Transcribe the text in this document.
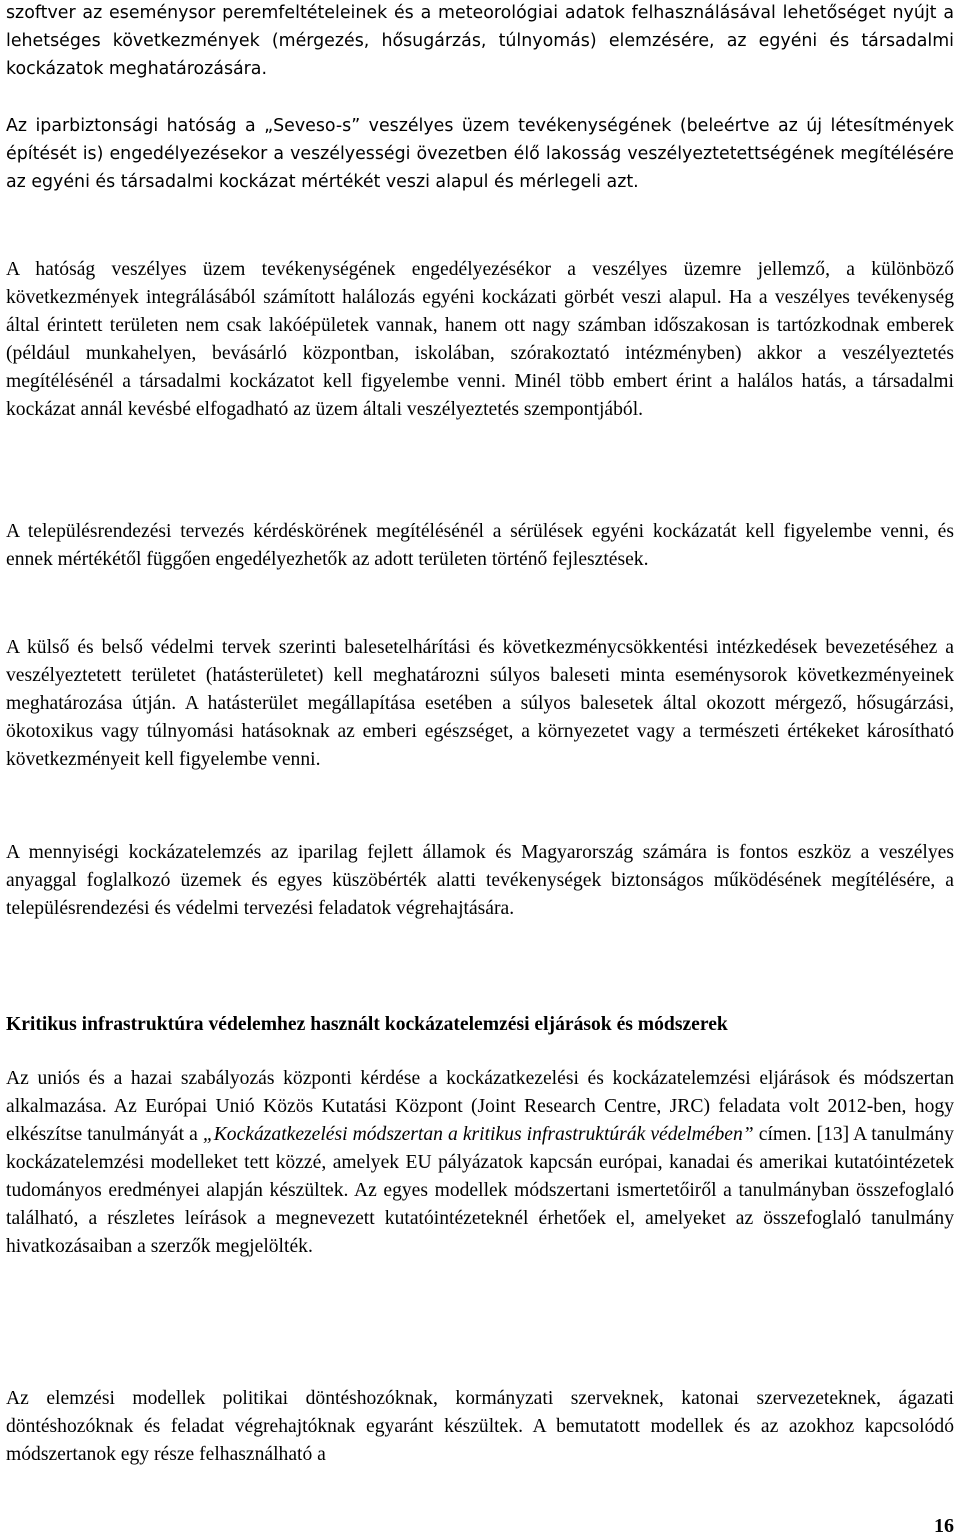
szoftver az eseménysor peremfeltételeinek és a meteorológiai adatok felhasználásával lehetőséget nyújt a lehetséges következmények (mérgezés, hősugárzás, túlnyomás) elemzésére, az egyéni és társadalmi kockázatok meghatározására.

Az iparbiztonsági hatóság a „Seveso-s” veszélyes üzem tevékenységének (beleértve az új létesítmények építését is) engedélyezésekor a veszélyességi övezetben élő lakosság veszélyeztetettségének megítélésére az egyéni és társadalmi kockázat mértékét veszi alapul és mérlegeli azt.

A hatóság veszélyes üzem tevékenységének engedélyezésékor a veszélyes üzemre jellemző, a különböző következmények integrálásából számított halálozás egyéni kockázati görbét veszi alapul. Ha a veszélyes tevékenység által érintett területen nem csak lakóépületek vannak, hanem ott nagy számban időszakosan is tartózkodnak emberek (például munkahelyen, bevásárló központban, iskolában, szórakoztató intézményben) akkor a veszélyeztetés megítélésénél a társadalmi kockázatot kell figyelembe venni. Minél több embert érint a halálos hatás, a társadalmi kockázat annál kevésbé elfogadható az üzem általi veszélyeztetés szempontjából.

A településrendezési tervezés kérdéskörének megítélésénél a sérülések egyéni kockázatát kell figyelembe venni, és ennek mértékétől függően engedélyezhetők az adott területen történő fejlesztések.

A külső és belső védelmi tervek szerinti balesetelhárítási és következménycsökkentési intézkedések bevezetéséhez a veszélyeztetett területet (hatásterületet) kell meghatározni súlyos baleseti minta eseménysorok következményeinek meghatározása útján. A hatásterület megállapítása esetében a súlyos balesetek által okozott mérgező, hősugárzási, ökotoxikus vagy túlnyomási hatásoknak az emberi egészséget, a környezetet vagy a természeti értékeket károsítható következményeit kell figyelembe venni.

A mennyiségi kockázatelemzés az iparilag fejlett államok és Magyarország számára is fontos eszköz a veszélyes anyaggal foglalkozó üzemek és egyes küszöbérték alatti tevékenységek biztonságos működésének megítélésére, a településrendezési és védelmi tervezési feladatok végrehajtására.

Kritikus infrastruktúra védelemhez használt kockázatelemzési eljárások és módszerek

Az uniós és a hazai szabályozás központi kérdése a kockázatkezelési és kockázatelemzési eljárások és módszertan alkalmazása. Az Európai Unió Közös Kutatási Központ (Joint Research Centre, JRC) feladata volt 2012-ben, hogy elkészítse tanulmányát a „Kockázatkezelési módszertan a kritikus infrastruktúrák védelmében” címen. [13] A tanulmány kockázatelemzési modelleket tett közzé, amelyek EU pályázatok kapcsán európai, kanadai és amerikai kutatóintézetek tudományos eredményei alapján készültek. Az egyes modellek módszertani ismertetőiről a tanulmányban összefoglaló található, a részletes leírások a megnevezett kutatóintézeteknél érhetőek el, amelyeket az összefoglaló tanulmány hivatkozásaiban a szerzők megjelölték.

Az elemzési modellek politikai döntéshozóknak, kormányzati szerveknek, katonai szervezeteknek, ágazati döntéshozóknak és feladat végrehajtóknak egyaránt készültek. A bemutatott modellek és az azokhoz kapcsolódó módszertanok egy része felhasználható a

16
